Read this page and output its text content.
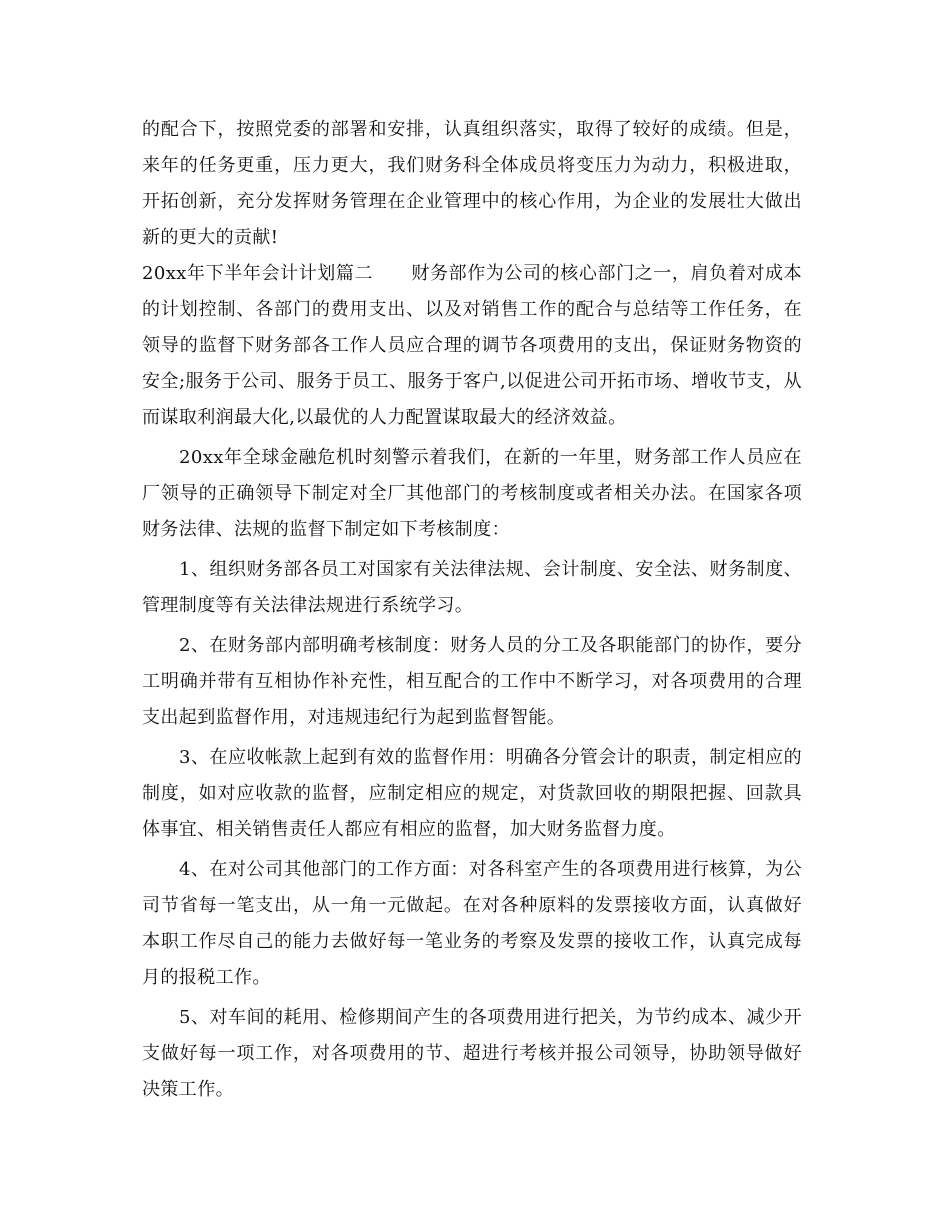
的配合下，按照党委的部署和安排，认真组织落实，取得了较好的成绩。但是，来年的任务更重，压力更大，我们财务科全体成员将变压力为动力，积极进取，开拓创新，充分发挥财务管理在企业管理中的核心作用，为企业的发展壮大做出新的更大的贡献!

20xx年下半年会计计划篇二 财务部作为公司的核心部门之一，肩负着对成本的计划控制、各部门的费用支出、以及对销售工作的配合与总结等工作任务，在领导的监督下财务部各工作人员应合理的调节各项费用的支出，保证财务物资的安全;服务于公司、服务于员工、服务于客户,以促进公司开拓市场、增收节支，从而谋取利润最大化,以最优的人力配置谋取最大的经济效益。

20xx年全球金融危机时刻警示着我们，在新的一年里，财务部工作人员应在厂领导的正确领导下制定对全厂其他部门的考核制度或者相关办法。在国家各项财务法律、法规的监督下制定如下考核制度：

1、组织财务部各员工对国家有关法律法规、会计制度、安全法、财务制度、管理制度等有关法律法规进行系统学习。

2、在财务部内部明确考核制度：财务人员的分工及各职能部门的协作，要分工明确并带有互相协作补充性，相互配合的工作中不断学习，对各项费用的合理支出起到监督作用，对违规违纪行为起到监督智能。

3、在应收帐款上起到有效的监督作用：明确各分管会计的职责，制定相应的制度，如对应收款的监督，应制定相应的规定，对货款回收的期限把握、回款具体事宜、相关销售责任人都应有相应的监督，加大财务监督力度。

4、在对公司其他部门的工作方面：对各科室产生的各项费用进行核算，为公司节省每一笔支出，从一角一元做起。在对各种原料的发票接收方面，认真做好本职工作尽自己的能力去做好每一笔业务的考察及发票的接收工作，认真完成每月的报税工作。

5、对车间的耗用、检修期间产生的各项费用进行把关，为节约成本、减少开支做好每一项工作，对各项费用的节、超进行考核并报公司领导，协助领导做好决策工作。
